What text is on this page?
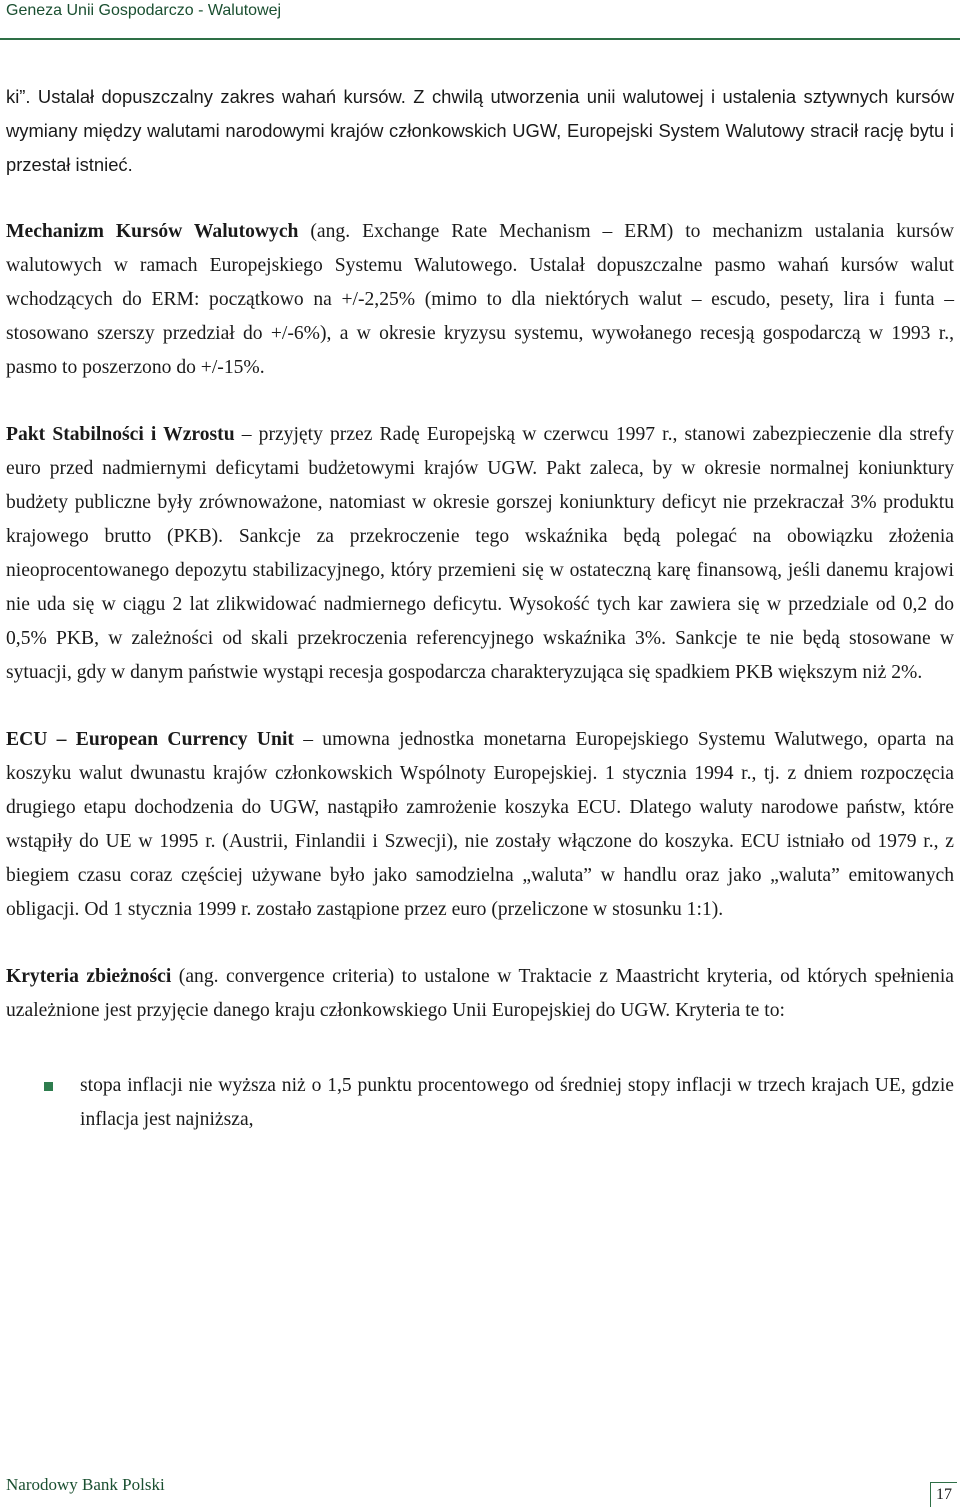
Geneza Unii Gospodarczo - Walutowej

ki”. Ustalał dopuszczalny zakres wahań kursów. Z chwilą utworzenia unii walutowej i ustalenia sztywnych kursów wymiany między walutami narodowymi krajów członkowskich UGW, Europejski System Walutowy stracił rację bytu i przestał istnieć.

Mechanizm Kursów Walutowych (ang. Exchange Rate Mechanism – ERM) to mechanizm ustalania kursów walutowych w ramach Europejskiego Systemu Walutowego. Ustalał dopuszczalne pasmo wahań kursów walut wchodzących do ERM: początkowo na +/-2,25% (mimo to dla niektórych walut – escudo, pesety, lira i funta – stosowano szerszy przedział do +/-6%), a w okresie kryzysu systemu, wywołanego recesją gospodarczą w 1993 r., pasmo to poszerzono do +/-15%.

Pakt Stabilności i Wzrostu – przyjęty przez Radę Europejską w czerwcu 1997 r., stanowi zabezpieczenie dla strefy euro przed nadmiernymi deficytami budżetowymi krajów UGW. Pakt zaleca, by w okresie normalnej koniunktury budżety publiczne były zrównoważone, natomiast w okresie gorszej koniunktury deficyt nie przekraczał 3% produktu krajowego brutto (PKB). Sankcje za przekroczenie tego wskaźnika będą polegać na obowiązku złożenia nieoprocentowanego depozytu stabilizacyjnego, który przemieni się w ostateczną karę finansową, jeśli danemu krajowi nie uda się w ciągu 2 lat zlikwidować nadmiernego deficytu. Wysokość tych kar zawiera się w przedziale od 0,2 do 0,5% PKB, w zależności od skali przekroczenia referencyjnego wskaźnika 3%. Sankcje te nie będą stosowane w sytuacji, gdy w danym państwie wystąpi recesja gospodarcza charakteryzująca się spadkiem PKB większym niż 2%.

ECU – European Currency Unit – umowna jednostka monetarna Europejskiego Systemu Walutwego, oparta na koszyku walut dwunastu krajów członkowskich Wspólnoty Europejskiej. 1 stycznia 1994 r., tj. z dniem rozpoczęcia drugiego etapu dochodzenia do UGW, nastąpiło zamrożenie koszyka ECU. Dlatego waluty narodowe państw, które wstąpiły do UE w 1995 r. (Austrii, Finlandii i Szwecji), nie zostały włączone do koszyka. ECU istniało od 1979 r., z biegiem czasu coraz częściej używane było jako samodzielna „waluta” w handlu oraz jako „waluta” emitowanych obligacji. Od 1 stycznia 1999 r. zostało zastąpione przez euro (przeliczone w stosunku 1:1).

Kryteria zbieżności (ang. convergence criteria) to ustalone w Traktacie z Maastricht kryteria, od których spełnienia uzależnione jest przyjęcie danego kraju członkowskiego Unii Europejskiej do UGW. Kryteria te to:

stopa inflacji nie wyższa niż o 1,5 punktu procentowego od średniej stopy inflacji w trzech krajach UE, gdzie inflacja jest najniższa,

Narodowy Bank Polski
17
